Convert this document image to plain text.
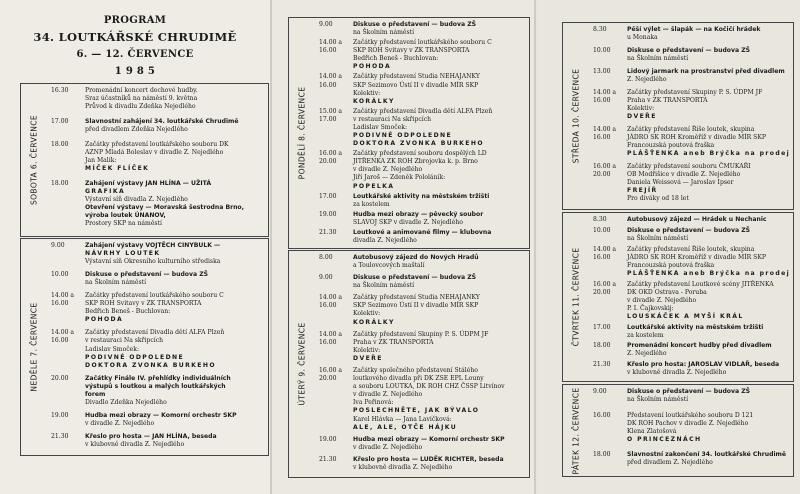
PROGRAM
34. LOUTKÁŘSKÉ CHRUDIMĚ
6. — 12. ČERVENCE
1 9 8 5
SOBOTA 6. ČERVENCE
16.30	Promenádní koncert dechové hudby.
Sraz účastníků na náměstí 9. května
Průvod k divadlu Zdeňka Nejedlého
17.00	Slavnostní zahájení 34. loutkářské Chrudimě
před divadlem Zdeňka Nejedlého
18.00	Začátky představení loutkářského souboru DK
AZNP Mladá Boleslav v divadle Z. Nejedlého
Jan Malík:
MÍČEK FLÍČEK
18.00	Zahájení výstavy JAN HLÍNA — UŽITÁ
GRAFIKA
Výstavní síň divadla Z. Nejedlého
Otevření výstavy — Moravská šestrodna Brno,
výroba loutek ÚNANOV,
Prostory SKP na náměstí
NEDĚLE 7. ČERVENCE
9.00	Zahájení výstavy VOJTĚCH CINYBULK —
NÁVRHY LOUTEK
Výstavní síň Okresního kulturního střediska
10.00	Diskuse o představení — budova ZŠ
na Školním náměstí
14.00 a 16.00
Začátky představení loutkářského souboru C
SKP ROH Svitavy v ZK TRANSPORTA
Bedřich Beneš - Buchlovan:
POHODA
14.00 a 16.00
Začátky představení Divadla dětí ALFA Plzeň
v restauraci Na skřipcích
Ladislav Smoček:
PODIVNÉ ODPOLEDNE
DOKTORA ZVONKA BURKEHO
20.00	Začátky Finále IV. přehlídky individuálních
výstupů s loutkou a malých loutkářských
forem
Divadlo Zdeňka Nejedlého
19.00	Hudba mezi obrazy — Komorní orchestr SKP
v divadle Z. Nejedlého
21.30	Křeslo pro hosta — JAN HLÍNA, beseda
v klubovně divadla Z. Nejedlého
PONDĚLÍ 8. ČERVENCE
9.00	Diskuse o představení — budova ZŠ
na Školním náměstí
14.00 a 16.00
Začátky představení loutkářského souboru C
SKP ROH Svitavy v ZK TRANSPORTA
Bedřich Beneš - Buchlovan:
POHODA
14.00 a 16.00
Začátky představení Studia NEHAJANKY
SKP Sezimovo Ústí II v divadle MÍR SKP
Kolektiv:
KORÁLKY
15.00 a 17.00
Začátky představení Divadla dětí ALFA Plzeň
v restauraci Na skřipcích
Ladislav Smoček:
PODIVNÉ ODPOLEDNE
DOKTORA ZVONKA BURKEHO
16.00 a 20.00
Začátky představení souboru dospělých LD
JITŘENKA ZK ROH Zbrojovka k. p. Brno
v divadle Z. Nejedlého
Jiří Jaroš — Zdeněk Pololáník:
POPELKA
17.00	Loutkářské aktivity na městském tržišti
za kostelem
19.00	Hudba mezi obrazy — pěvecký soubor
SLAVOJ SKP v divadle Z. Nejedlého
21.30	Loutkové a animované filmy — klubovna
divadla Z. Nejedlého
ÚTERÝ 9. ČERVENCE
8.00	Autobusový zájezd do Nových Hradů
a Toulovcových maštalí
9.00	Diskuse o představení — budova ZŠ
na Školním náměstí
14.00 a 16.00
Začátky představení Studia NEHAJANKY
SKP Sezimovo Ústí II v divadle MÍR SKP
Kolektiv:
KORÁLKY
14.00 a 16.00
Začátky představení Skupiny P. S. ÚDPM JF
Praha v ZK TRANSPORTA
Kolektiv:
DVEŘE
16.00 a 20.00
Začátky společného představení Stálého
loutkového divadla při DK ZSE EPL Louny
a souboru LOUTKA, DK ROH CHZ ČSSP Litvínov
v divadle Z. Nejedlého
Iva Peřinová:
POSLECHNĚTE, JAK BÝVALO
Karel Hlávka — Jana Lavičková:
ALE, ALE, OTČE HÁJKU
19.00	Hudba mezi obrazy — Komorní orchestr SKP
v divadle Z. Nejedlého
21.30	Křeslo pro hosta — LUDĚK RICHTER, beseda
v klubovně divadla Z. Nejedlého
STŘEDA 10. ČERVENCE
8.30	Pěší výlet — šlapák — na Kočičí hrádek
u Monaka
10.00	Diskuse o představení — budova ZŠ
na Školním náměstí
13.00	Lidový jarmark na prostranství před divadlem
Z. Nejedlého
14.00 a 16.00
Začátky představení Skupiny P. S. ÚDPM JF
Praha v ZK TRANSPORTA
Kolektiv:
DVEŘE
14.00 a 16.00
Začátky představení Říše loutek, skupina
JÁDRO SK ROH Kroměříž v divadle MÍR SKP
Francouzská poutová fraška
PLÁŠŤENKA aneb Brýčka na prodej
16.00 a 20.00
Začátky představení souboru ČMUKAŘI
OB Modřišice v divadle Z. Nejedlého
Daniela Weissová — Jaroslav Ipser
FREJÍŘ
Pro diváky od 18 let
ČTVRTEK 11. ČERVENCE
8.30	Autobusový zájezd — Hrádek u Nechanic
10.00	Diskuse o představení — budova ZŠ
na Školním náměstí
14.00 a 16.00
Začátky představení Říše loutek, skupina
JÁDRO SK ROH Kroměříž v divadle MÍR SKP
Francouzská poutová fraška
PLÁŠŤENKA aneb Brýčka na prodej
16.00 a 20.00
Začátky představení Loutkové scény JITŘENKA
DK OKD Ostrava - Poruba
v divadle Z. Nejedlého
P. I. Čajkovskij:
LOUSKÁČEK A MYŠÍ KRÁL
17.00	Loutkářské aktivity na městském tržišti
za kostelem
18.00	Promenádní koncert hudby před divadlem
Z. Nejedlého
21.30	Křeslo pro hosta: JAROSLAV VIDLAŘ, beseda
v klubovně divadla Z. Nejedlého
PÁTEK 12. ČERVENCE 9.00	Diskuse o představení — budova ZŠ
na Školním náměstí
16.00	Představení loutkářského souboru D 121
DK ROH Pachov v divadle Z. Nejedlého
Klena Zlatošová
O PRINCEZNÁCH
18.00	Slavnostní zakončení 34. loutkářské Chrudimě
před divadlem Z. Nejedlého
